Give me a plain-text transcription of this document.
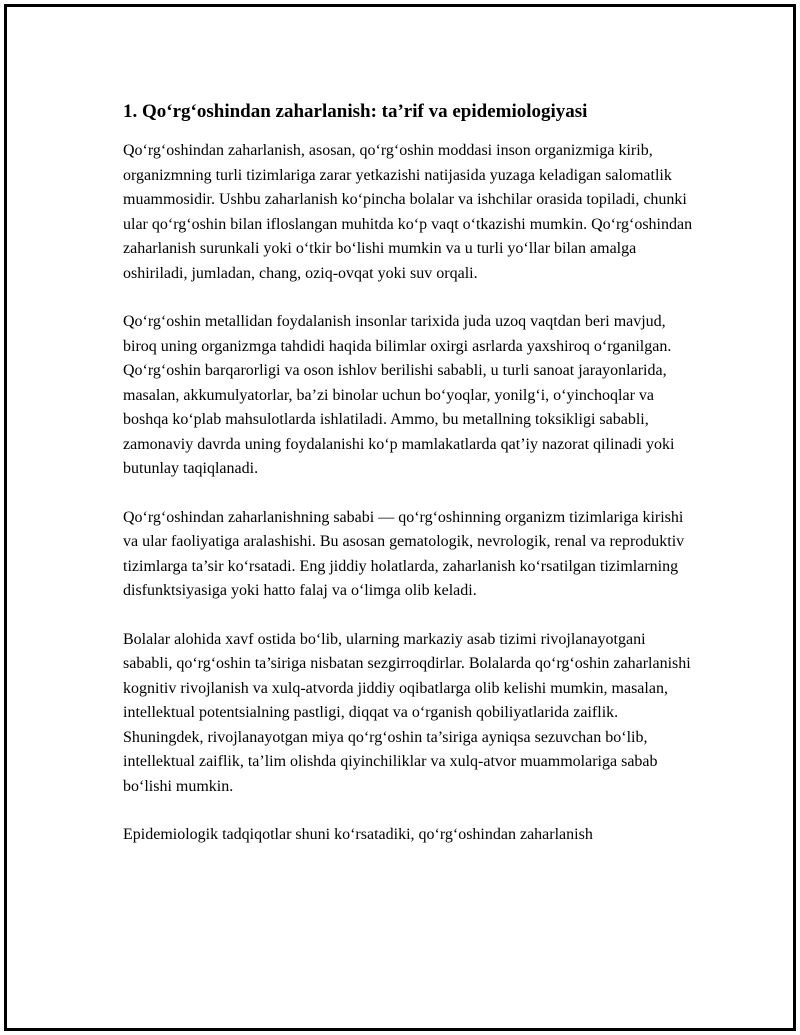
1. Qo‘rg‘oshindan zaharlanish: ta’rif va epidemiologiyasi

Qo‘rg‘oshindan zaharlanish, asosan, qo‘rg‘oshin moddasi inson organizmiga kirib, organizmning turli tizimlariga zarar yetkazishi natijasida yuzaga keladigan salomatlik muammosidir. Ushbu zaharlanish ko‘pincha bolalar va ishchilar orasida topiladi, chunki ular qo‘rg‘oshin bilan ifloslangan muhitda ko‘p vaqt o‘tkazishi mumkin. Qo‘rg‘oshindan zaharlanish surunkali yoki o‘tkir bo‘lishi mumkin va u turli yo‘llar bilan amalga oshiriladi, jumladan, chang, oziq-ovqat yoki suv orqali.

Qo‘rg‘oshin metallidan foydalanish insonlar tarixida juda uzoq vaqtdan beri mavjud, biroq uning organizmga tahdidi haqida bilimlar oxirgi asrlarda yaxshiroq o‘rganilgan. Qo‘rg‘oshin barqarorligi va oson ishlov berilishi sababli, u turli sanoat jarayonlarida, masalan, akkumulyatorlar, ba’zi binolar uchun bo‘yoqlar, yonilg‘i, o‘yinchoqlar va boshqa ko‘plab mahsulotlarda ishlatiladi. Ammo, bu metallning toksikligi sababli, zamonaviy davrda uning foydalanishi ko‘p mamlakatlarda qat’iy nazorat qilinadi yoki butunlay taqiqlanadi.

Qo‘rg‘oshindan zaharlanishning sababi — qo‘rg‘oshinning organizm tizimlariga kirishi va ular faoliyatiga aralashishi. Bu asosan gematologik, nevrologik, renal va reproduktiv tizimlarga ta’sir ko‘rsatadi. Eng jiddiy holatlarda, zaharlanish ko‘rsatilgan tizimlarning disfunktsiyasiga yoki hatto falaj va o‘limga olib keladi.

Bolalar alohida xavf ostida bo‘lib, ularning markaziy asab tizimi rivojlanayotgani sababli, qo‘rg‘oshin ta’siriga nisbatan sezgirroqdirlar. Bolalarda qo‘rg‘oshin zaharlanishi kognitiv rivojlanish va xulq-atvorda jiddiy oqibatlarga olib kelishi mumkin, masalan, intellektual potentsialning pastligi, diqqat va o‘rganish qobiliyatlarida zaiflik. Shuningdek, rivojlanayotgan miya qo‘rg‘oshin ta’siriga ayniqsa sezuvchan bo‘lib, intellektual zaiflik, ta’lim olishda qiyinchiliklar va xulq-atvor muammolariga sabab bo‘lishi mumkin.

Epidemiologik tadqiqotlar shuni ko‘rsatadiki, qo‘rg‘oshindan zaharlanish
